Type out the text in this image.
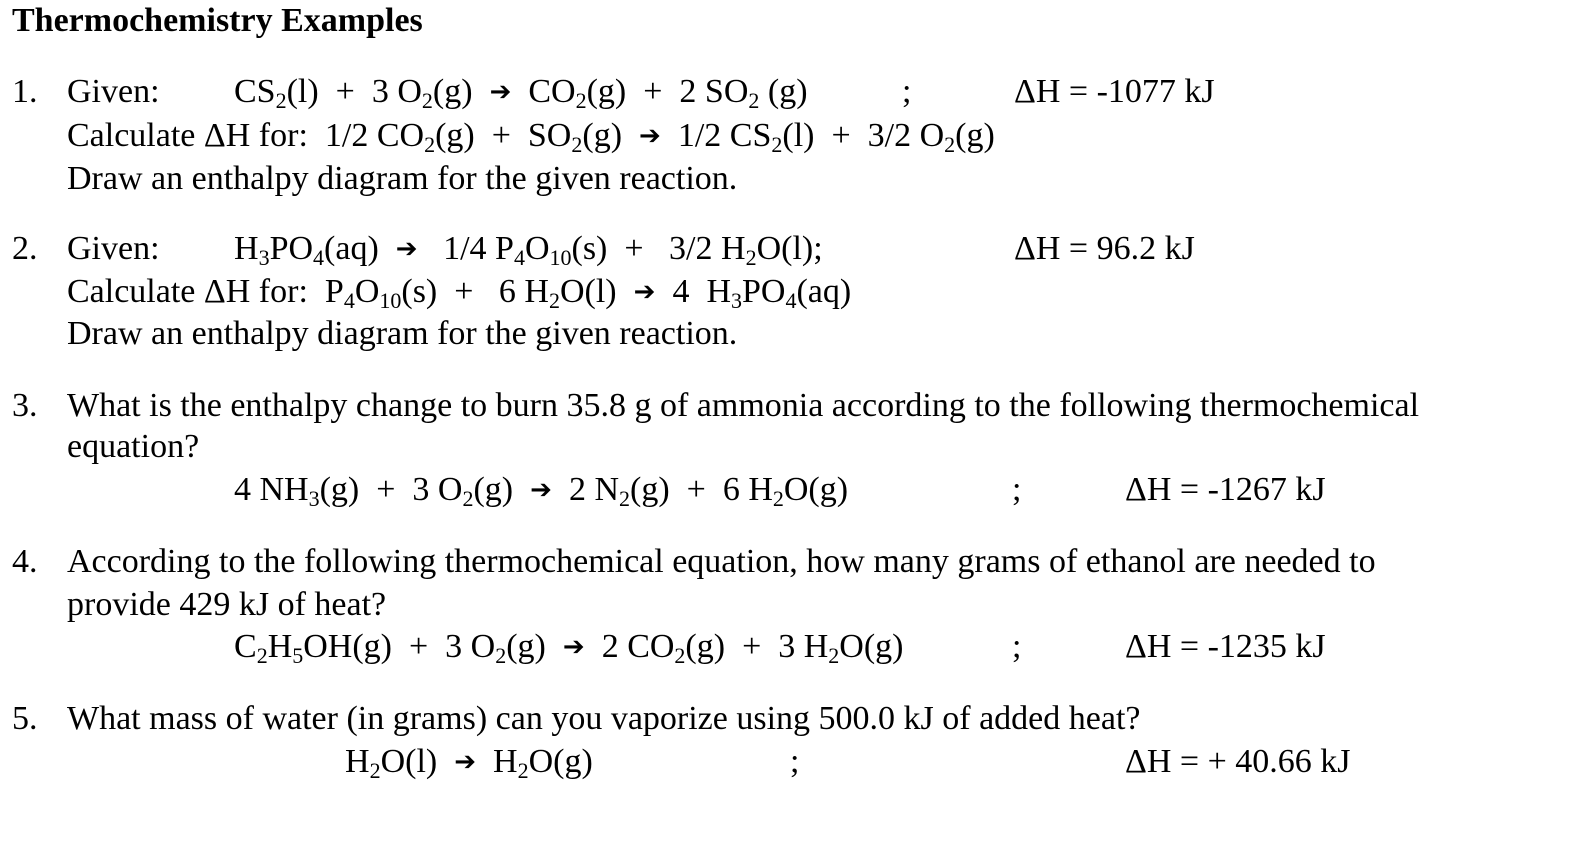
Thermochemistry Examples
1. Given: $CS_2(l) + 3$ $O_2(g)$  ➔  $CO_2(g) + 2$ $SO_2$ (g)	;	ΔH = -1077 kJ
Calculate ΔH for:  1/2 $CO_2(g) + SO_2(g)$  ➔  1/2 $CS_2(l) + 3/2$ $O_2(g)$
Draw an enthalpy diagram for the given reaction.
2. Given: $H_3PO_4(aq)$  ➔   1/4 $P_4O_{10}(s) + 3/2$ $H_2O(l)$;	ΔH = 96.2 kJ
Calculate ΔH for:  $P_4O_{10}(s) + 6$ $H_2O(l)$  ➔  4  $H_3PO_4(aq)$
Draw an enthalpy diagram for the given reaction.
3. What is the enthalpy change to burn 35.8 g of ammonia according to the following thermochemical
equation?
4 $NH_3(g) + 3$ $O_2(g)$  ➔  2 $N_2(g) + 6$ $H_2O(g)$	;	ΔH = -1267 kJ
4. According to the following thermochemical equation, how many grams of ethanol are needed to
provide 429 kJ of heat?
$C_2H_5OH(g) + 3$ $O_2(g)$  ➔  2 $CO_2(g) + 3$ $H_2O(g)$	;	ΔH = -1235 kJ
5. What mass of water (in grams) can you vaporize using 500.0 kJ of added heat?
$H_2O(l)$  ➔  $H_2O(g)$	;	ΔH = + 40.66 kJ
